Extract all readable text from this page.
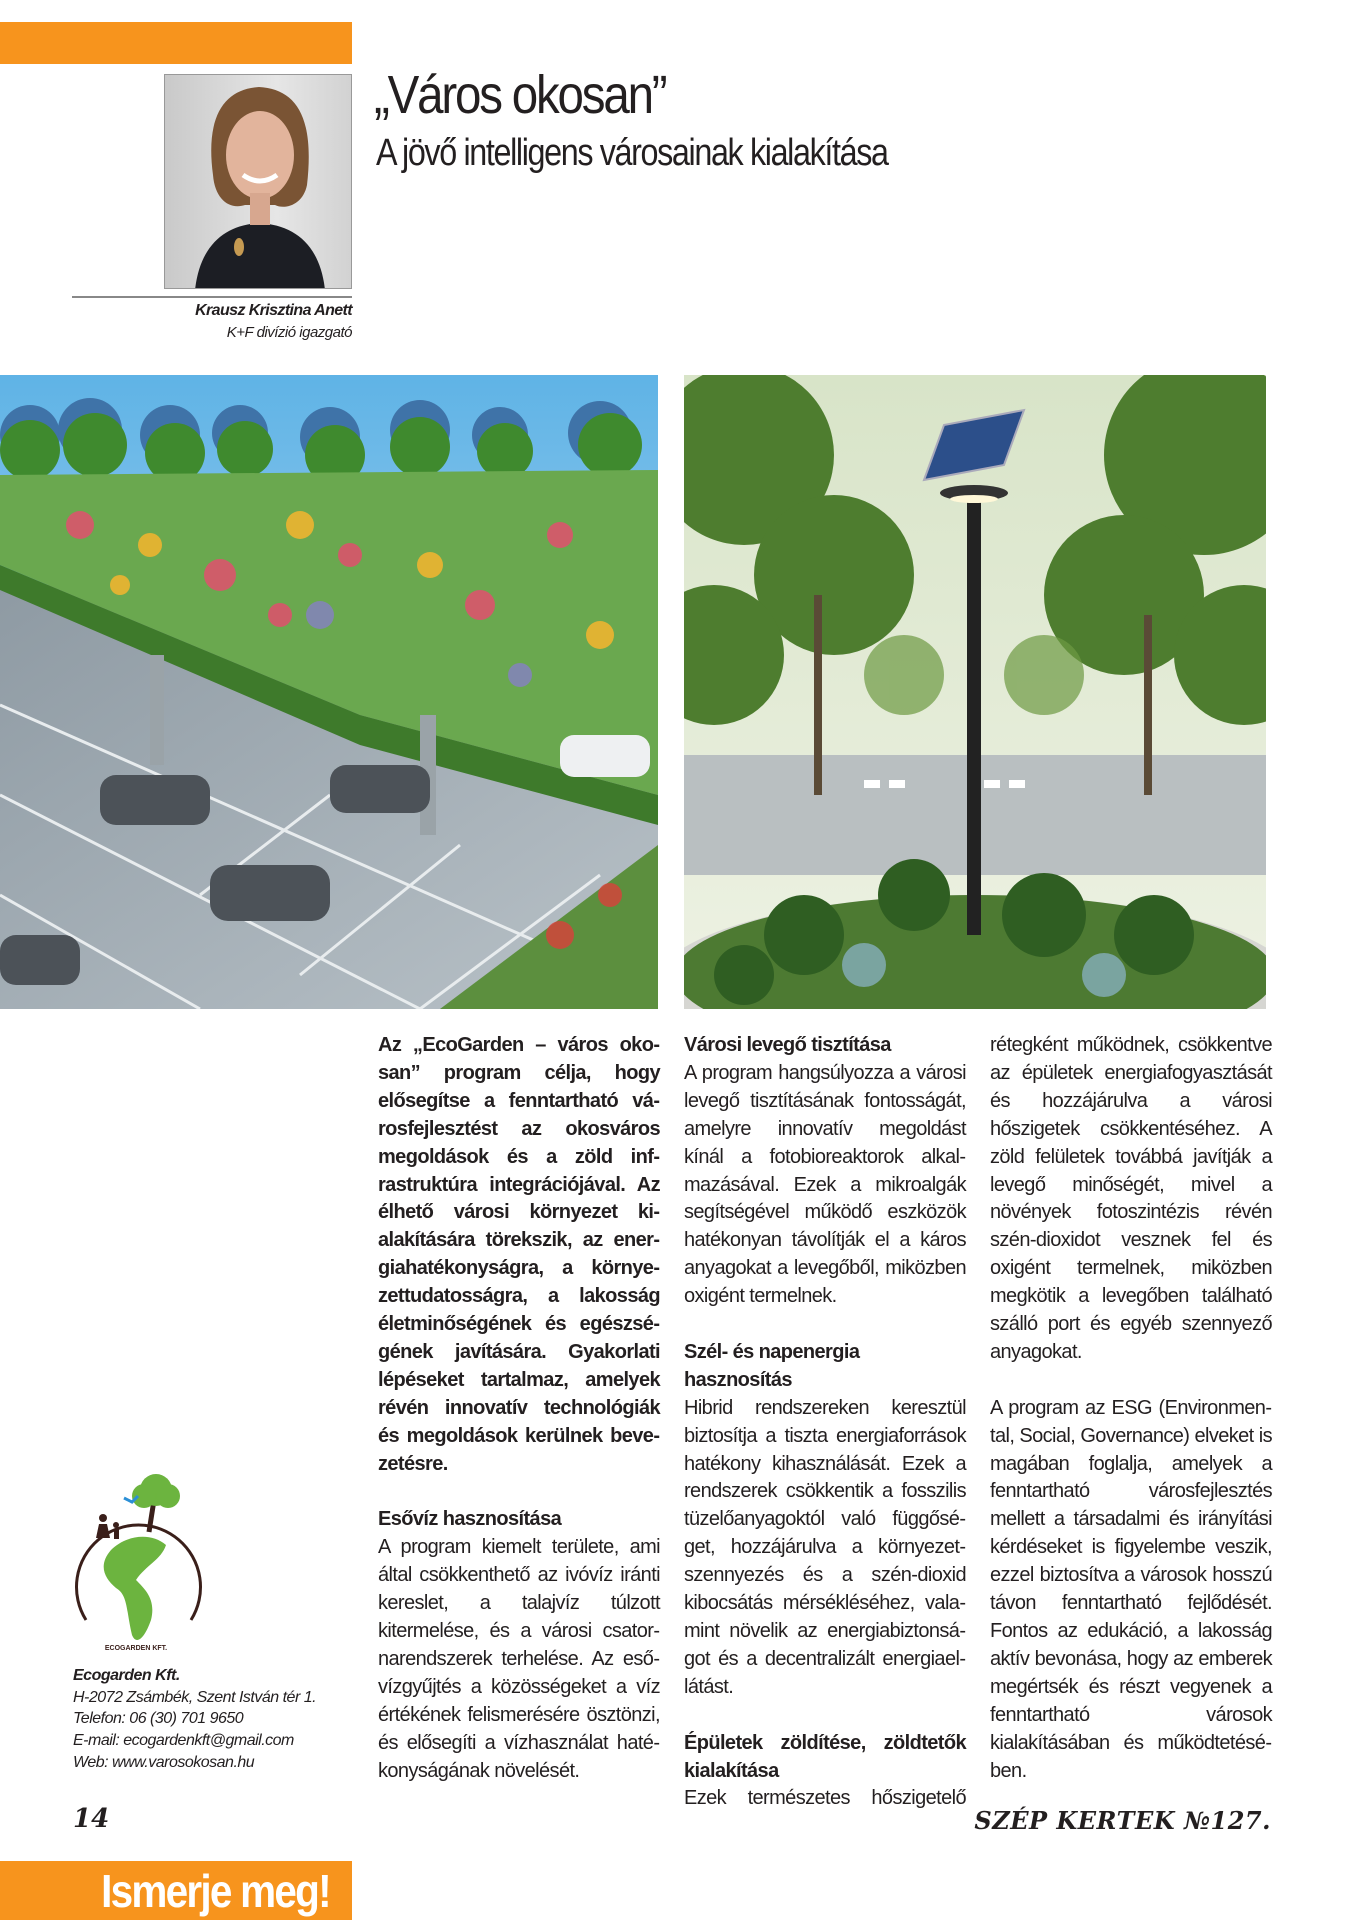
Krausz Krisztina Anett
K+F divízió igazgató
„Város okosan”
A jövő intelligens városainak kialakítása

Az „EcoGarden – város okosan” program célja, hogy elősegítse a fenntartható városfejlesztést az okosváros megoldások és a zöld infrastruktúra integrációjával. Az élhető városi környezet kialakítására törekszik, az energiahatékonyságra, a környezettudatosságra, a lakosság életminőségének és egészségének javítására. Gyakorlati lépéseket tartalmaz, amelyek révén innovatív technológiák és megoldások kerülnek bevezetésre.

Esővíz hasznosítása

A program kiemelt területe, ami által csökkenthető az ivóvíz iránti kereslet, a talajvíz túlzott kitermelése, és a városi csatornarendszerek terhelése. Az esővízgyűjtés a közösségeket a víz értékének felismerésére ösztönzi, és elősegíti a vízhasználat hatékonyságának növelését.

Városi levegő tisztítása

A program hangsúlyozza a városi levegő tisztításának fontosságát, amelyre innovatív megoldást kínál a fotobioreaktorok alkalmazásával. Ezek a mikroalgák segítségével működő eszközök hatékonyan távolítják el a káros anyagokat a levegőből, miközben oxigént termelnek.

Szél- és napenergia hasznosítás

Hibrid rendszereken keresztül biztosítja a tiszta energiaforrások hatékony kihasználását. Ezek a rendszerek csökkentik a fosszilis tüzelőanyagoktól való függőséget, hozzájárulva a környezetszennyezés és a szén-dioxid kibocsátás mérsékléséhez, valamint növelik az energiabiztonságot és a decentralizált energiaellátást.

Épületek zöldítése, zöldtetők kialakítása

Ezek természetes hőszigetelő

rétegként működnek, csökkentve az épületek energiafogyasztását és hozzájárulva a városi hőszigetek csökkentéséhez. A zöld felületek továbbá javítják a levegő minőségét, mivel a növények fotoszintézis révén szén-dioxidot vesznek fel és oxigént termelnek, miközben megkötik a levegőben található szálló port és egyéb szennyező anyagokat.

A program az ESG (Environmental, Social, Governance) elveket is magában foglalja, amelyek a fenntartható városfejlesztés mellett a társadalmi és irányítási kérdéseket is figyelembe veszik, ezzel biztosítva a városok hosszú távon fenntartható fejlődését. Fontos az edukáció, a lakosság aktív bevonása, hogy az emberek megértsék és részt vegyenek a fenntartható városok kialakításában és működtetésében.

ECOGARDEN KFT.
Ecogarden Kft.
H-2072 Zsámbék, Szent István tér 1.
Telefon: 06 (30) 701 9650
E-mail: ecogardenkft@gmail.com
Web: www.varosokosan.hu
14	SZÉP KERTEK №127.
Ismerje meg!
